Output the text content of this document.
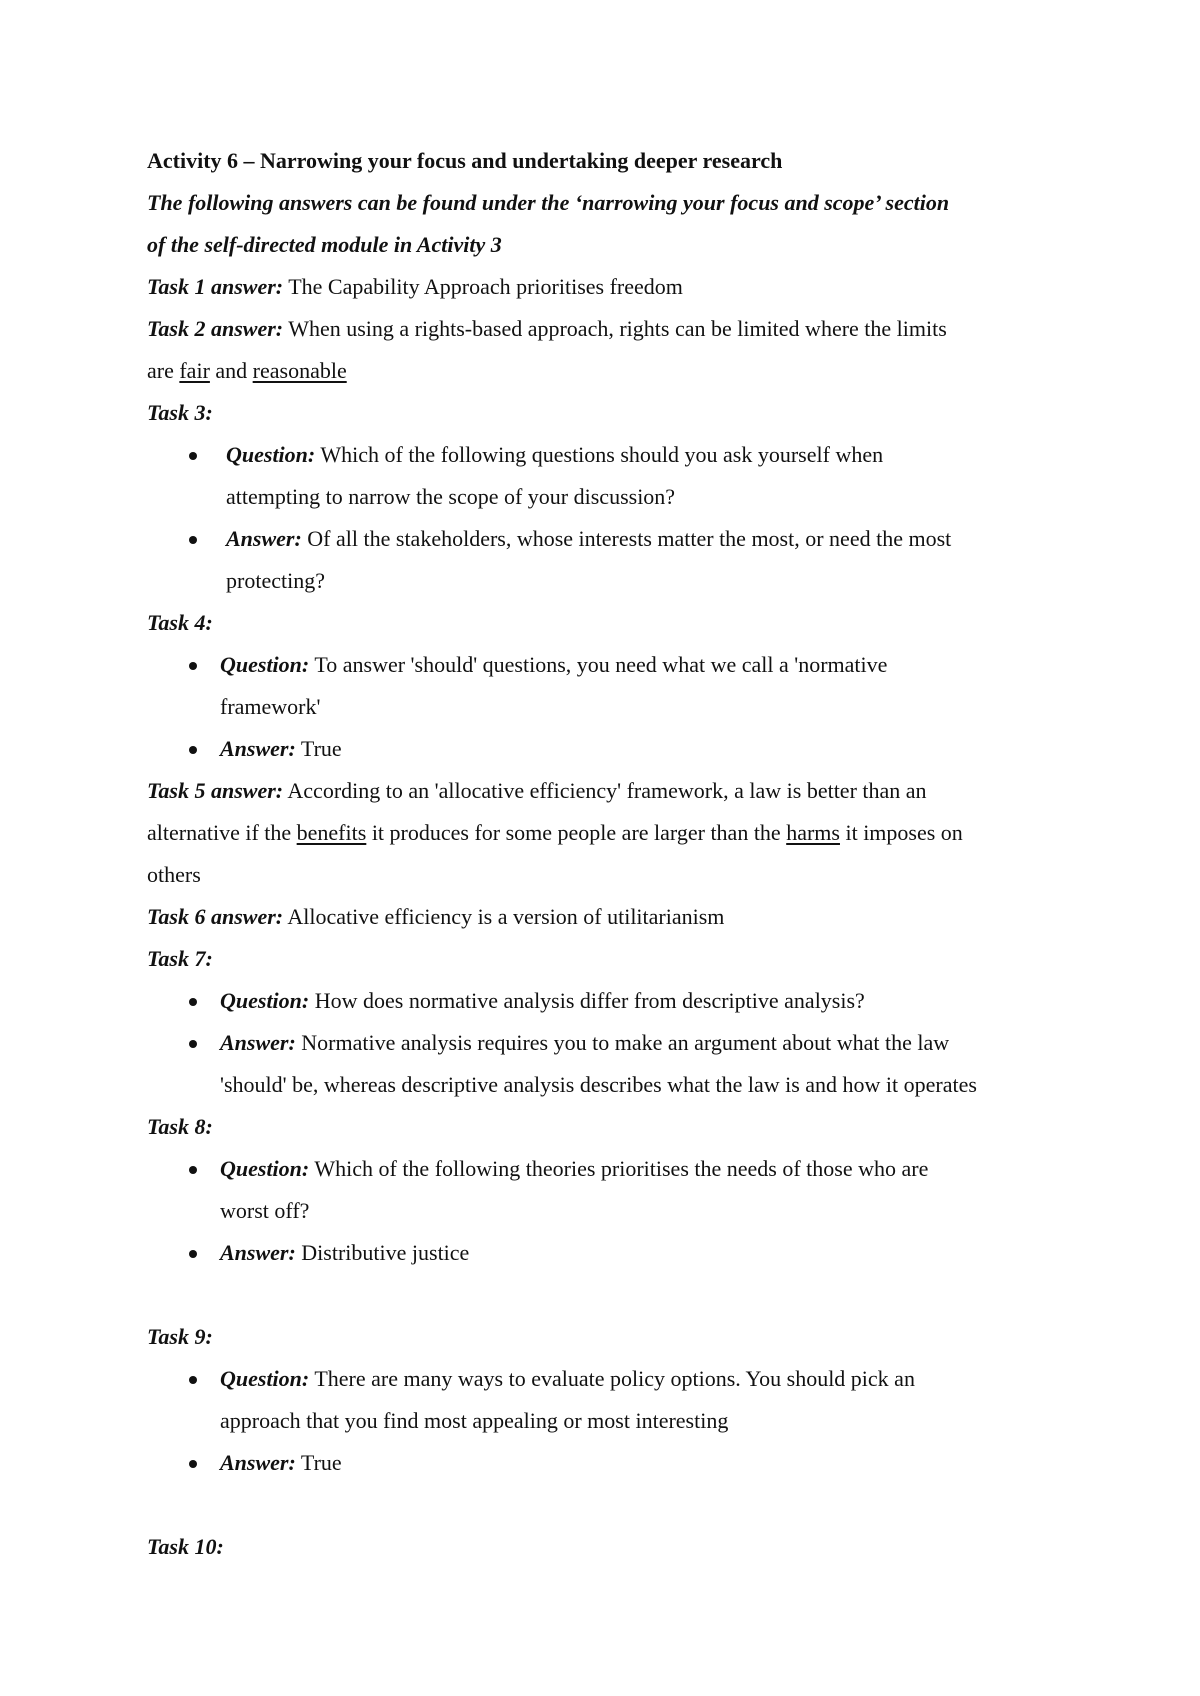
Activity 6 – Narrowing your focus and undertaking deeper research
The following answers can be found under the ‘narrowing your focus and scope’ section
of the self-directed module in Activity 3
Task 1 answer: The Capability Approach prioritises freedom
Task 2 answer: When using a rights-based approach, rights can be limited where the limits
are fair and reasonable
Task 3:
Question: Which of the following questions should you ask yourself when
attempting to narrow the scope of your discussion?
Answer: Of all the stakeholders, whose interests matter the most, or need the most
protecting?
Task 4:
Question: To answer 'should' questions, you need what we call a 'normative
framework'
Answer: True
Task 5 answer: According to an 'allocative efficiency' framework, a law is better than an
alternative if the benefits it produces for some people are larger than the harms it imposes on
others
Task 6 answer: Allocative efficiency is a version of utilitarianism
Task 7:
Question: How does normative analysis differ from descriptive analysis?
Answer: Normative analysis requires you to make an argument about what the law
'should' be, whereas descriptive analysis describes what the law is and how it operates
Task 8:
Question: Which of the following theories prioritises the needs of those who are
worst off?
Answer: Distributive justice
Task 9:
Question: There are many ways to evaluate policy options. You should pick an
approach that you find most appealing or most interesting
Answer: True
Task 10:
